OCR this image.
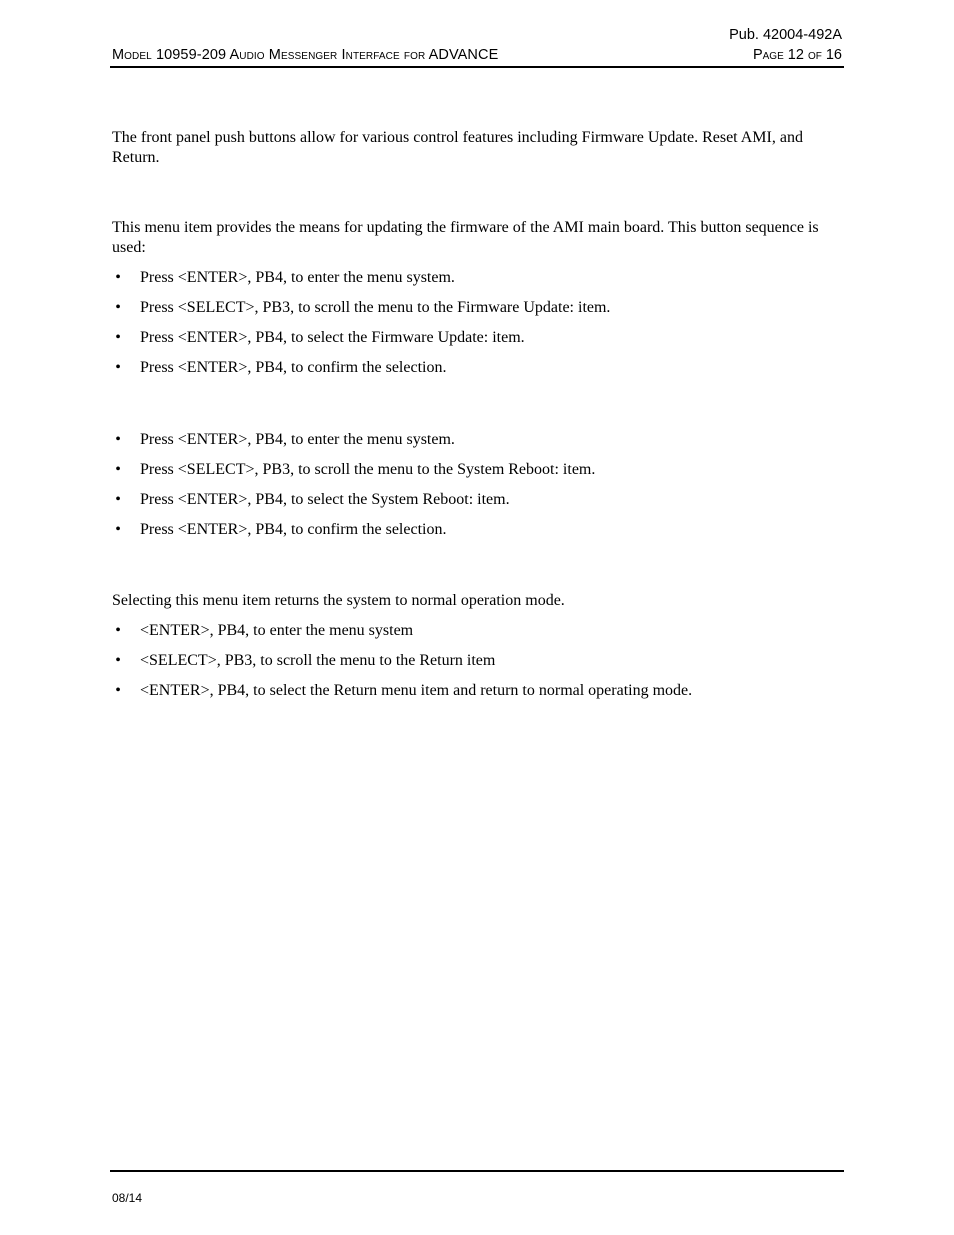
Pub. 42004-492A
Model 10959-209 Audio Messenger Interface for ADVANCE	Page 12 of 16

The front panel push buttons allow for various control features including Firmware Update. Reset AMI, and Return.

This menu item provides the means for updating the firmware of the AMI main board. This button sequence is used:

• Press <ENTER>, PB4, to enter the menu system.
• Press <SELECT>, PB3, to scroll the menu to the Firmware Update: item.
• Press <ENTER>, PB4, to select the Firmware Update: item.
• Press <ENTER>, PB4, to confirm the selection.
• Press <ENTER>, PB4, to enter the menu system.
• Press <SELECT>, PB3, to scroll the menu to the System Reboot: item.
• Press <ENTER>, PB4, to select the System Reboot: item.
• Press <ENTER>, PB4, to confirm the selection.

Selecting this menu item returns the system to normal operation mode.

• <ENTER>, PB4, to enter the menu system
• <SELECT>, PB3, to scroll the menu to the Return item
• <ENTER>, PB4, to select the Return menu item and return to normal operating mode.
08/14
